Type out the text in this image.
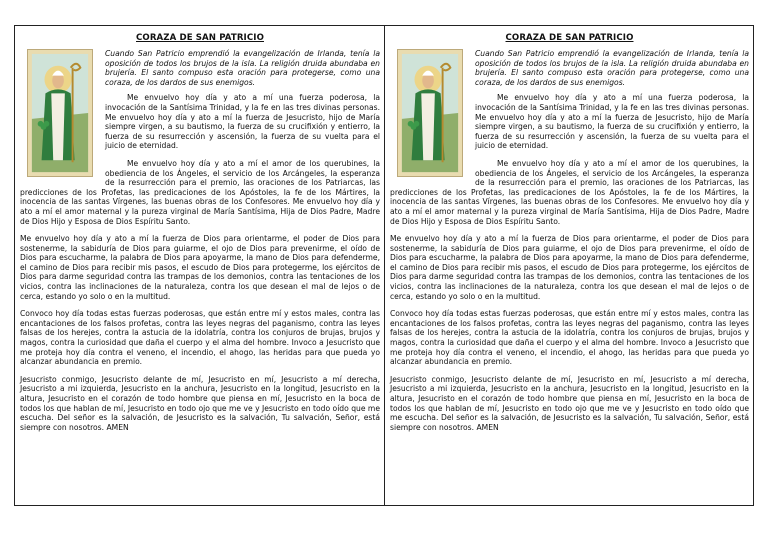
CORAZA DE SAN PATRICIO

Cuando San Patricio emprendió la evangelización de Irlanda, tenía la oposición de todos los brujos de la isla. La religión druida abundaba en brujería. El santo compuso esta oración para protegerse, como una coraza, de los dardos de sus enemigos.

Me envuelvo hoy día y ato a mí una fuerza poderosa, la invocación de la Santísima Trinidad, y la fe en las tres divinas personas. Me envuelvo hoy día y ato a mí la fuerza de Jesucristo, hijo de María siempre virgen, a su bautismo, la fuerza de su crucifixión y entierro, la fuerza de su resurrección y ascensión, la fuerza de su vuelta para el juicio de eternidad.

Me envuelvo hoy día y ato a mí el amor de los querubines, la obediencia de los Ángeles, el servicio de los Arcángeles, la esperanza de la resurrección para el premio, las oraciones de los Patriarcas, las predicciones de los Profetas, las predicaciones de los Apóstoles, la fe de los Mártires, la inocencia de las santas Vírgenes, las buenas obras de los Confesores. Me envuelvo hoy día y ato a mí el amor maternal y la pureza virginal de María Santísima, Hija de Dios Padre, Madre de Dios Hijo y Esposa de Dios Espíritu Santo.

Me envuelvo hoy día y ato a mí la fuerza de Dios para orientarme, el poder de Dios para sostenerme, la sabiduría de Dios para guiarme, el ojo de Dios para prevenirme, el oído de Dios para escucharme, la palabra de Dios para apoyarme, la mano de Dios para defenderme, el camino de Dios para recibir mis pasos, el escudo de Dios para protegerme, los ejércitos de Dios para darme seguridad contra las trampas de los demonios, contra las tentaciones de los vicios, contra las inclinaciones de la naturaleza, contra los que desean el mal de lejos o de cerca, estando yo solo o en la multitud.

Convoco hoy día todas estas fuerzas poderosas, que están entre mí y estos males, contra las encantaciones de los falsos profetas, contra las leyes negras del paganismo, contra las leyes falsas de los herejes, contra la astucia de la idolatría, contra los conjuros de brujas, brujos y magos, contra la curiosidad que daña el cuerpo y el alma del hombre. Invoco a Jesucristo que me proteja hoy día contra el veneno, el incendio, el ahogo, las heridas para que pueda yo alcanzar abundancia en premio.

Jesucristo conmigo, Jesucristo delante de mí, Jesucristo en mí, Jesucristo a mí derecha, Jesucristo a mi izquierda, Jesucristo en la anchura, Jesucristo en la longitud, Jesucristo en la altura, Jesucristo en el corazón de todo hombre que piensa en mí, Jesucristo en la boca de todos los que hablan de mí, Jesucristo en todo ojo que me ve y Jesucristo en todo oído que me escucha. Del señor es la salvación, de Jesucristo es la salvación, Tu salvación, Señor, está siempre con nosotros. AMEN

CORAZA DE SAN PATRICIO

Cuando San Patricio emprendió la evangelización de Irlanda, tenía la oposición de todos los brujos de la isla. La religión druida abundaba en brujería. El santo compuso esta oración para protegerse, como una coraza, de los dardos de sus enemigos.

Me envuelvo hoy día y ato a mí una fuerza poderosa, la invocación de la Santísima Trinidad, y la fe en las tres divinas personas. Me envuelvo hoy día y ato a mí la fuerza de Jesucristo, hijo de María siempre virgen, a su bautismo, la fuerza de su crucifixión y entierro, la fuerza de su resurrección y ascensión, la fuerza de su vuelta para el juicio de eternidad.

Me envuelvo hoy día y ato a mí el amor de los querubines, la obediencia de los Ángeles, el servicio de los Arcángeles, la esperanza de la resurrección para el premio, las oraciones de los Patriarcas, las predicciones de los Profetas, las predicaciones de los Apóstoles, la fe de los Mártires, la inocencia de las santas Vírgenes, las buenas obras de los Confesores. Me envuelvo hoy día y ato a mí el amor maternal y la pureza virginal de María Santísima, Hija de Dios Padre, Madre de Dios Hijo y Esposa de Dios Espíritu Santo.

Me envuelvo hoy día y ato a mí la fuerza de Dios para orientarme, el poder de Dios para sostenerme, la sabiduría de Dios para guiarme, el ojo de Dios para prevenirme, el oído de Dios para escucharme, la palabra de Dios para apoyarme, la mano de Dios para defenderme, el camino de Dios para recibir mis pasos, el escudo de Dios para protegerme, los ejércitos de Dios para darme seguridad contra las trampas de los demonios, contra las tentaciones de los vicios, contra las inclinaciones de la naturaleza, contra los que desean el mal de lejos o de cerca, estando yo solo o en la multitud.

Convoco hoy día todas estas fuerzas poderosas, que están entre mí y estos males, contra las encantaciones de los falsos profetas, contra las leyes negras del paganismo, contra las leyes falsas de los herejes, contra la astucia de la idolatría, contra los conjuros de brujas, brujos y magos, contra la curiosidad que daña el cuerpo y el alma del hombre. Invoco a Jesucristo que me proteja hoy día contra el veneno, el incendio, el ahogo, las heridas para que pueda yo alcanzar abundancia en premio.

Jesucristo conmigo, Jesucristo delante de mí, Jesucristo en mí, Jesucristo a mí derecha, Jesucristo a mi izquierda, Jesucristo en la anchura, Jesucristo en la longitud, Jesucristo en la altura, Jesucristo en el corazón de todo hombre que piensa en mí, Jesucristo en la boca de todos los que hablan de mí, Jesucristo en todo ojo que me ve y Jesucristo en todo oído que me escucha. Del señor es la salvación, de Jesucristo es la salvación, Tu salvación, Señor, está siempre con nosotros. AMEN
